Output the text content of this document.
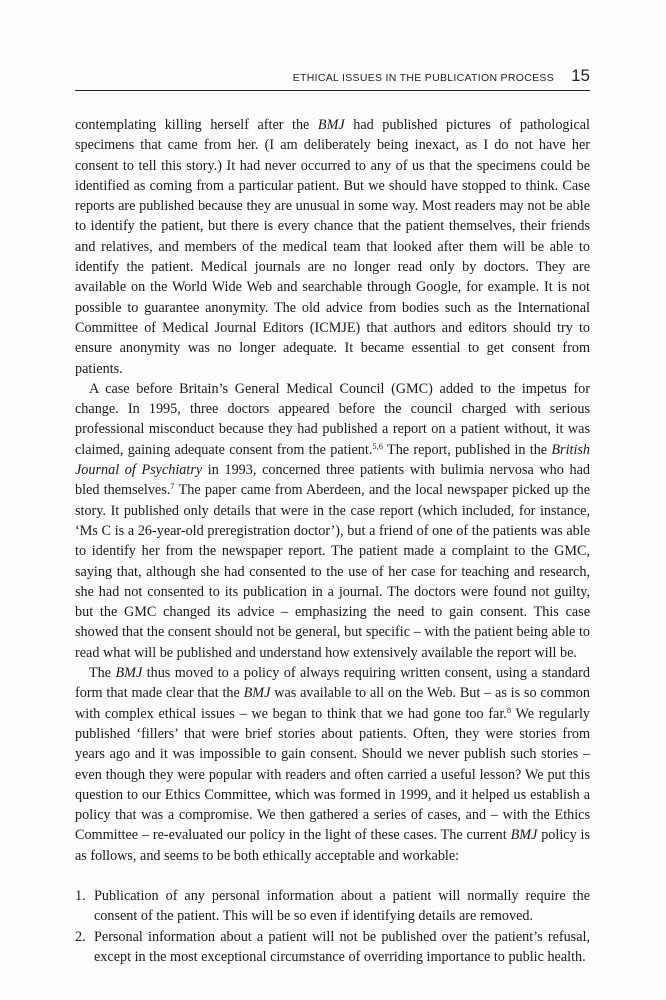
ETHICAL ISSUES IN THE PUBLICATION PROCESS 15

contemplating killing herself after the BMJ had published pictures of pathological specimens that came from her. (I am deliberately being inexact, as I do not have her consent to tell this story.) It had never occurred to any of us that the specimens could be identified as coming from a particular patient. But we should have stopped to think. Case reports are published because they are unusual in some way. Most readers may not be able to identify the patient, but there is every chance that the patient themselves, their friends and relatives, and members of the medical team that looked after them will be able to identify the patient. Medical journals are no longer read only by doctors. They are available on the World Wide Web and searchable through Google, for example. It is not possible to guarantee anonymity. The old advice from bodies such as the International Committee of Medical Journal Editors (ICMJE) that authors and editors should try to ensure anonymity was no longer adequate. It became essential to get consent from patients.

A case before Britain’s General Medical Council (GMC) added to the impetus for change. In 1995, three doctors appeared before the council charged with serious professional misconduct because they had published a report on a patient without, it was claimed, gaining adequate consent from the patient.$^{5,6}$ The report, published in the British Journal of Psychiatry in 1993, concerned three patients with bulimia nervosa who had bled themselves.$^7$ The paper came from Aberdeen, and the local newspaper picked up the story. It published only details that were in the case report (which included, for instance, ‘Ms C is a 26-year-old preregistration doctor’), but a friend of one of the patients was able to identify her from the newspaper report. The patient made a complaint to the GMC, saying that, although she had consented to the use of her case for teaching and research, she had not consented to its publication in a journal. The doctors were found not guilty, but the GMC changed its advice – emphasizing the need to gain consent. This case showed that the consent should not be general, but specific – with the patient being able to read what will be published and understand how extensively available the report will be.

The BMJ thus moved to a policy of always requiring written consent, using a standard form that made clear that the BMJ was available to all on the Web. But – as is so common with complex ethical issues – we began to think that we had gone too far.$^8$ We regularly published ‘fillers’ that were brief stories about patients. Often, they were stories from years ago and it was impossible to gain consent. Should we never publish such stories – even though they were popular with readers and often carried a useful lesson? We put this question to our Ethics Committee, which was formed in 1999, and it helped us establish a policy that was a compromise. We then gathered a series of cases, and – with the Ethics Committee – re-evaluated our policy in the light of these cases. The current BMJ policy is as follows, and seems to be both ethically acceptable and workable:

1. Publication of any personal information about a patient will normally require the consent of the patient. This will be so even if identifying details are removed.
2. Personal information about a patient will not be published over the patient’s refusal, except in the most exceptional circumstance of overriding importance to public health.
